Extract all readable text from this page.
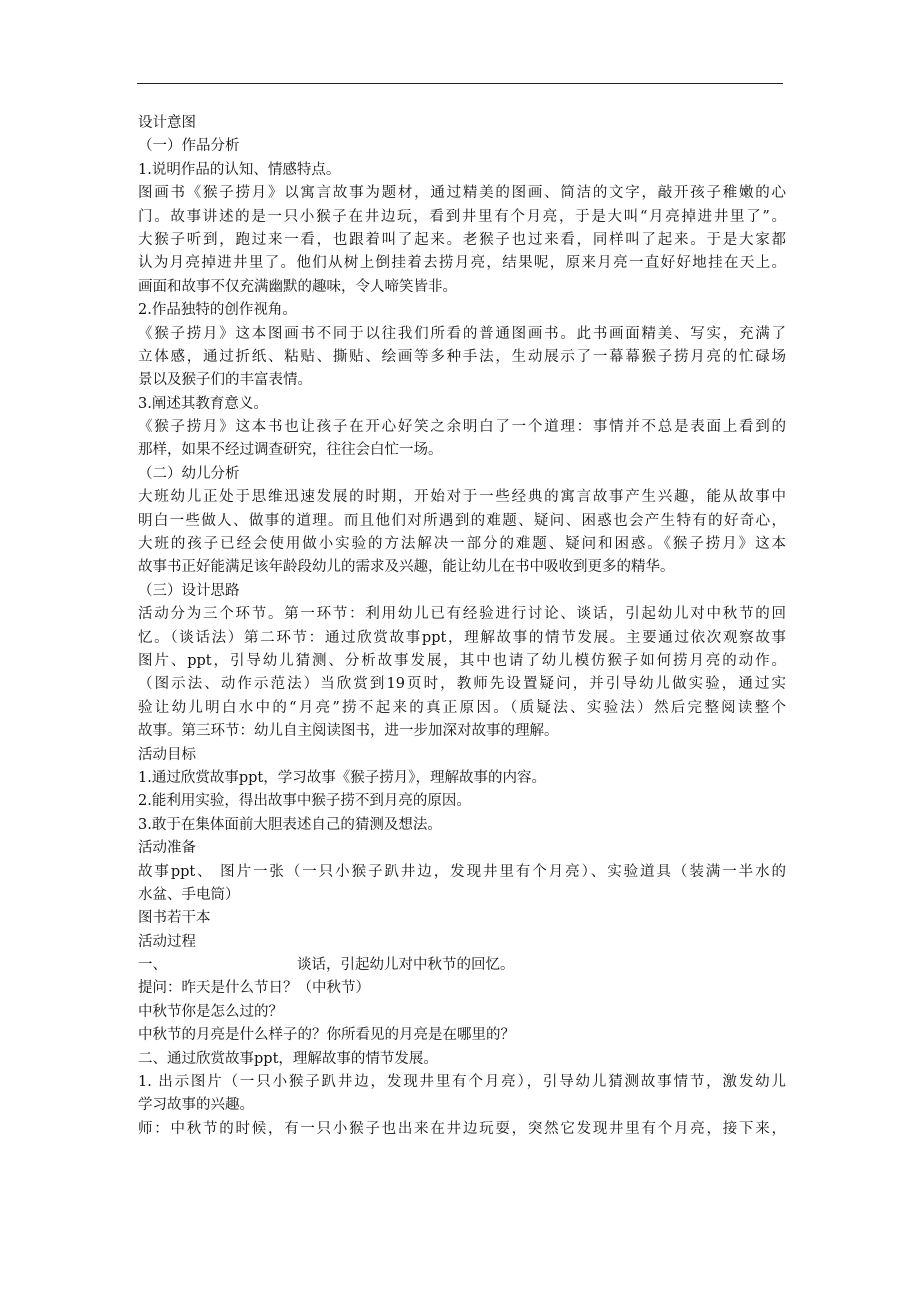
设计意图
（一）作品分析
1.说明作品的认知、情感特点。
图画书《猴子捞月》以寓言故事为题材，通过精美的图画、简洁的文字，敲开孩子稚嫩的心
门。故事讲述的是一只小猴子在井边玩，看到井里有个月亮，于是大叫“月亮掉进井里了”。
大猴子听到，跑过来一看，也跟着叫了起来。老猴子也过来看，同样叫了起来。于是大家都
认为月亮掉进井里了。他们从树上倒挂着去捞月亮，结果呢，原来月亮一直好好地挂在天上。
画面和故事不仅充满幽默的趣味，令人啼笑皆非。
2.作品独特的创作视角。
《猴子捞月》这本图画书不同于以往我们所看的普通图画书。此书画面精美、写实，充满了
立体感，通过折纸、粘贴、撕贴、绘画等多种手法，生动展示了一幕幕猴子捞月亮的忙碌场
景以及猴子们的丰富表情。
3.阐述其教育意义。
《猴子捞月》这本书也让孩子在开心好笑之余明白了一个道理：事情并不总是表面上看到的
那样，如果不经过调查研究，往往会白忙一场。
（二）幼儿分析
大班幼儿正处于思维迅速发展的时期，开始对于一些经典的寓言故事产生兴趣，能从故事中
明白一些做人、做事的道理。而且他们对所遇到的难题、疑问、困惑也会产生特有的好奇心，
大班的孩子已经会使用做小实验的方法解决一部分的难题、疑问和困惑。《猴子捞月》这本
故事书正好能满足该年龄段幼儿的需求及兴趣，能让幼儿在书中吸收到更多的精华。
（三）设计思路
活动分为三个环节。第一环节：利用幼儿已有经验进行讨论、谈话，引起幼儿对中秋节的回
忆。（谈话法）第二环节：通过欣赏故事ppt，理解故事的情节发展。主要通过依次观察故事
图片、ppt，引导幼儿猜测、分析故事发展，其中也请了幼儿模仿猴子如何捞月亮的动作。
（图示法、动作示范法）当欣赏到19页时，教师先设置疑问，并引导幼儿做实验，通过实
验让幼儿明白水中的“月亮”捞不起来的真正原因。（质疑法、实验法）然后完整阅读整个
故事。第三环节：幼儿自主阅读图书，进一步加深对故事的理解。
活动目标
1.通过欣赏故事ppt，学习故事《猴子捞月》，理解故事的内容。
2.能利用实验，得出故事中猴子捞不到月亮的原因。
3.敢于在集体面前大胆表述自己的猜测及想法。
活动准备
故事ppt、 图片一张（一只小猴子趴井边，发现井里有个月亮）、实验道具（装满一半水的
水盆、手电筒）
图书若干本
活动过程
一、	谈话，引起幼儿对中秋节的回忆。
提问：昨天是什么节日？（中秋节）
中秋节你是怎么过的？
中秋节的月亮是什么样子的？你所看见的月亮是在哪里的？
二、通过欣赏故事ppt，理解故事的情节发展。
1. 出示图片（一只小猴子趴井边，发现井里有个月亮），引导幼儿猜测故事情节，激发幼儿
学习故事的兴趣。
师：中秋节的时候，有一只小猴子也出来在井边玩耍，突然它发现井里有个月亮，接下来，
